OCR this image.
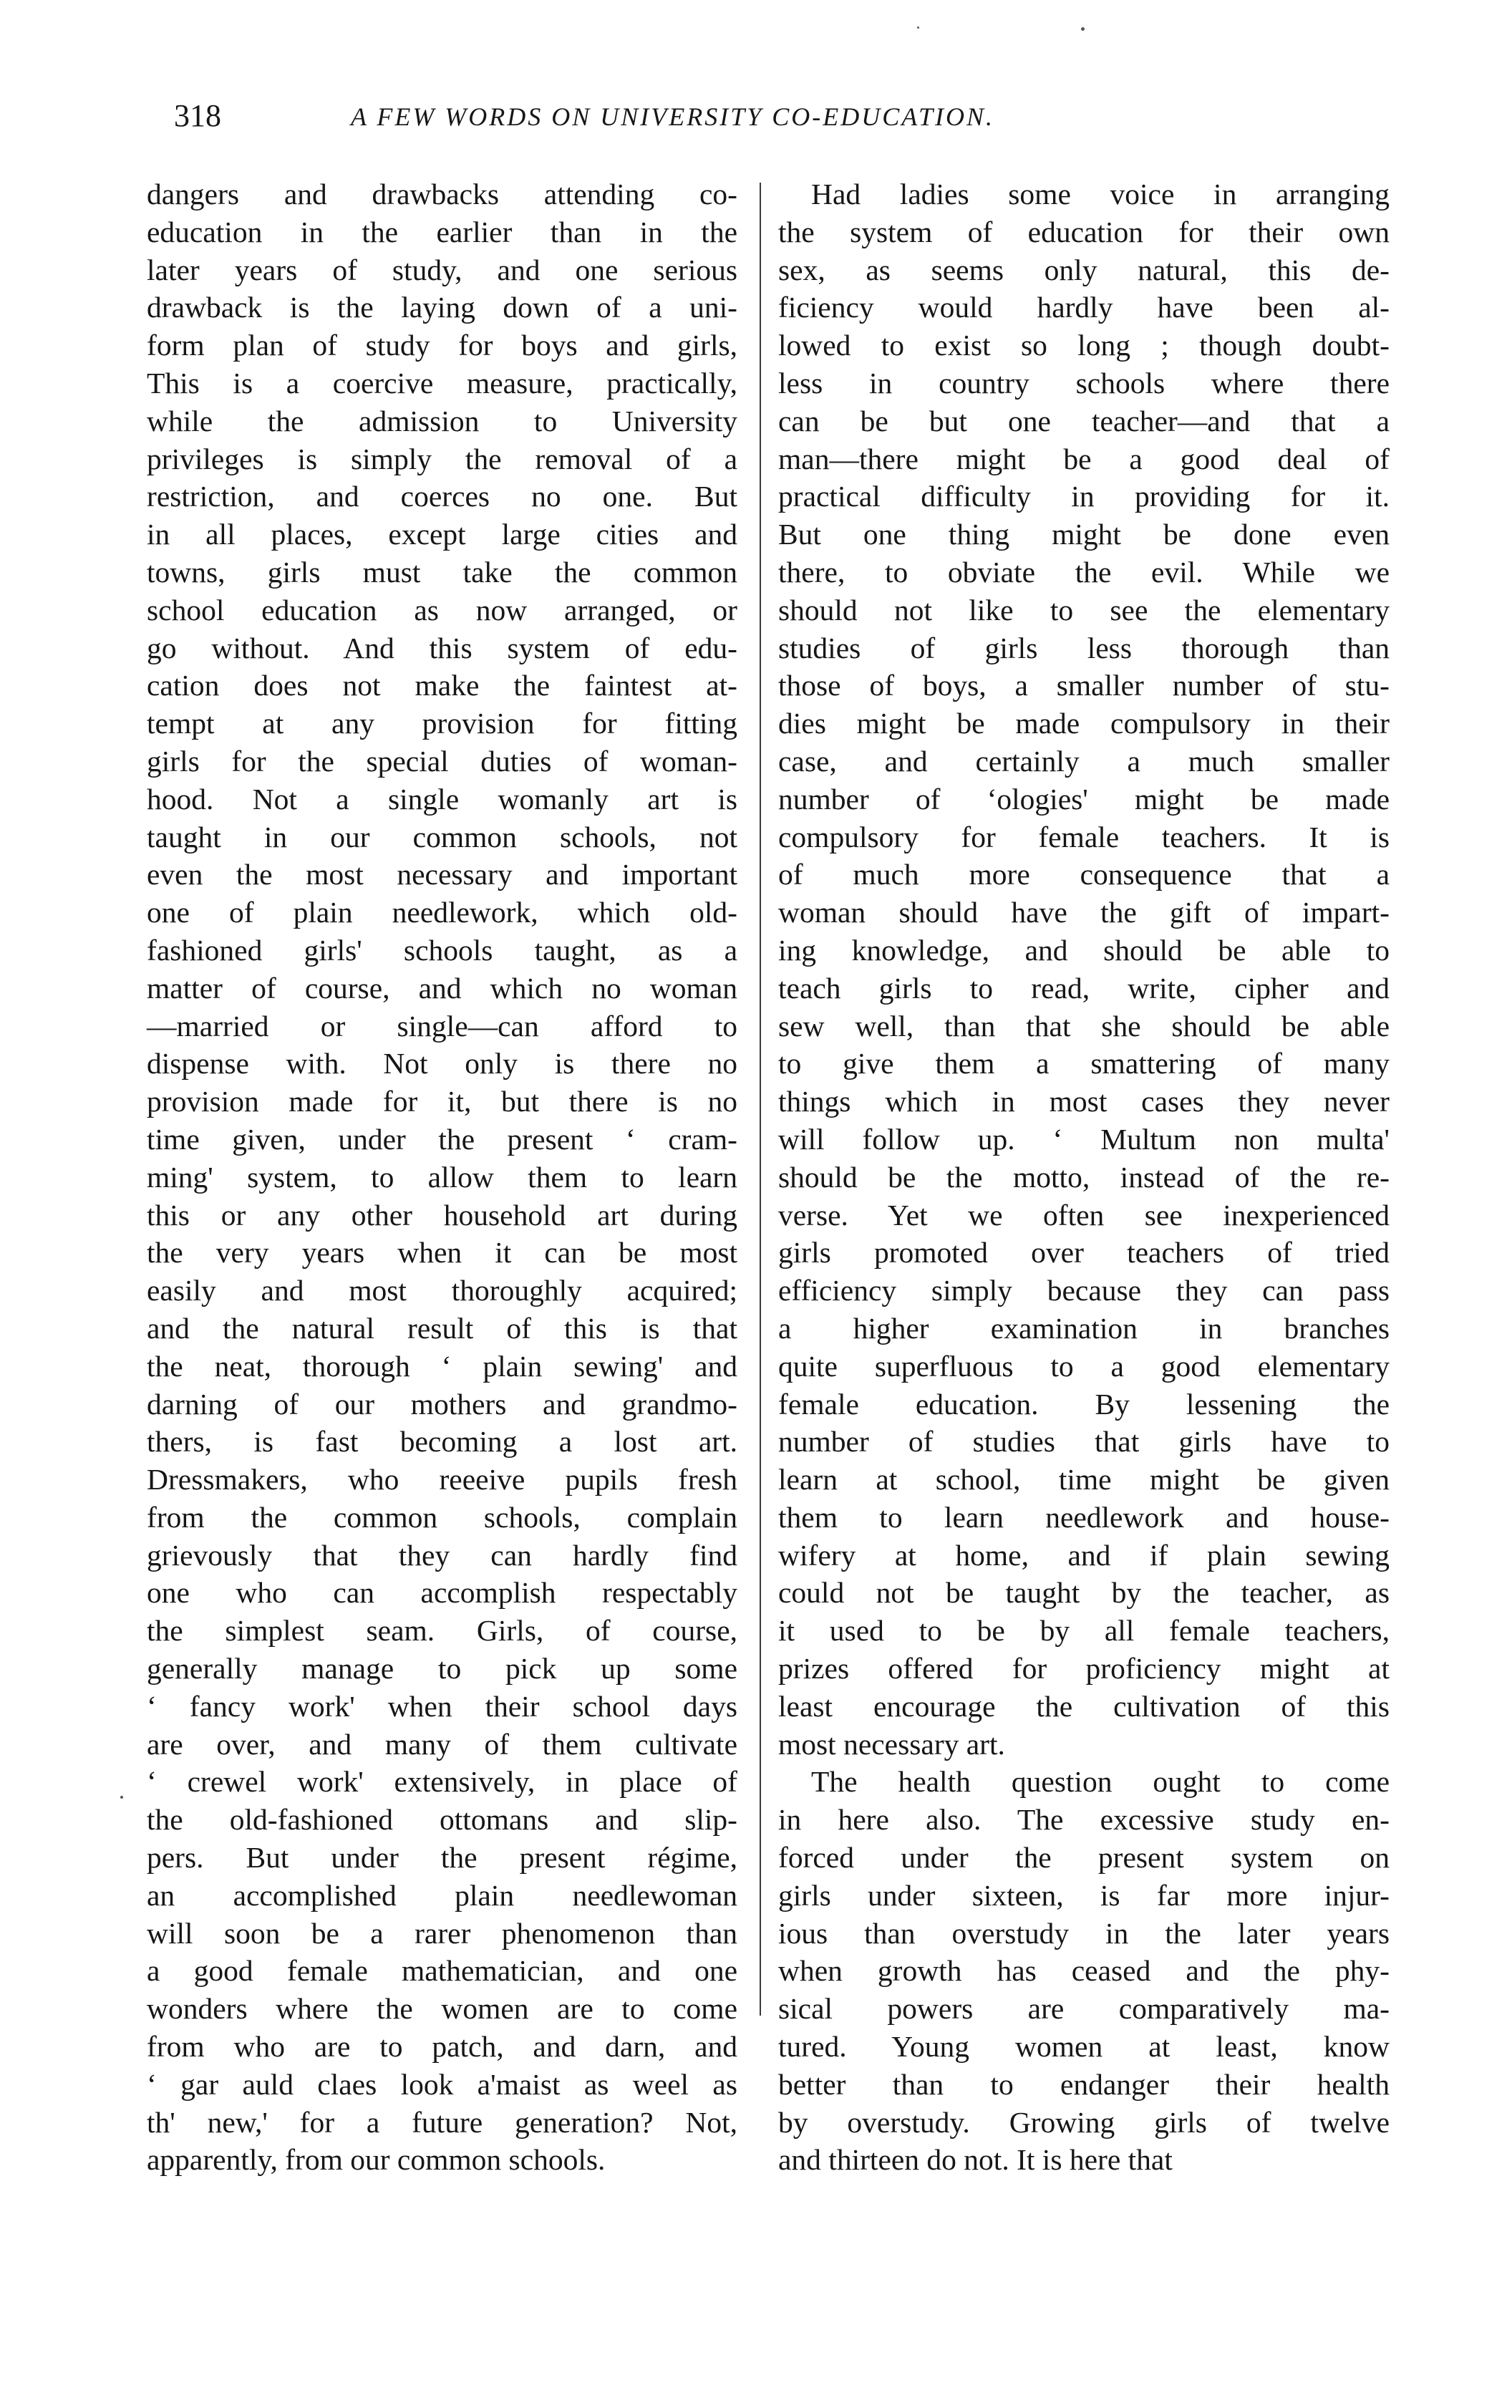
318	A FEW WORDS ON UNIVERSITY CO-EDUCATION.
dangers and drawbacks attending co-
education in the earlier than in the
later years of study, and one serious
drawback is the laying down of a uni-
form plan of study for boys and girls,
This is a coercive measure, practically,
while the admission to University
privileges is simply the removal of a
restriction, and coerces no one. But
in all places, except large cities and
towns, girls must take the common
school education as now arranged, or
go without. And this system of edu-
cation does not make the faintest at-
tempt at any provision for fitting
girls for the special duties of woman-
hood. Not a single womanly art is
taught in our common schools, not
even the most necessary and important
one of plain needlework, which old-
fashioned girls' schools taught, as a
matter of course, and which no woman
—married or single—can afford to
dispense with. Not only is there no
provision made for it, but there is no
time given, under the present ‘ cram-
ming' system, to allow them to learn
this or any other household art during
the very years when it can be most
easily and most thoroughly acquired;
and the natural result of this is that
the neat, thorough ‘ plain sewing' and
darning of our mothers and grandmo-
thers, is fast becoming a lost art.
Dressmakers, who reeeive pupils fresh
from the common schools, complain
grievously that they can hardly find
one who can accomplish respectably
the simplest seam. Girls, of course,
generally manage to pick up some
‘ fancy work' when their school days
are over, and many of them cultivate
‘ crewel work' extensively, in place of
the old-fashioned ottomans and slip-
pers. But under the present régime,
an accomplished plain needlewoman
will soon be a rarer phenomenon than
a good female mathematician, and one
wonders where the women are to come
from who are to patch, and darn, and
‘ gar auld claes look a'maist as weel as
th' new,' for a future generation? Not,
apparently, from our common schools.
Had ladies some voice in arranging
the system of education for their own
sex, as seems only natural, this de-
ficiency would hardly have been al-
lowed to exist so long ; though doubt-
less in country schools where there
can be but one teacher—and that a
man—there might be a good deal of
practical difficulty in providing for it.
But one thing might be done even
there, to obviate the evil. While we
should not like to see the elementary
studies of girls less thorough than
those of boys, a smaller number of stu-
dies might be made compulsory in their
case, and certainly a much smaller
number of ‘ologies' might be made
compulsory for female teachers. It is
of much more consequence that a
woman should have the gift of impart-
ing knowledge, and should be able to
teach girls to read, write, cipher and
sew well, than that she should be able
to give them a smattering of many
things which in most cases they never
will follow up. ‘ Multum non multa'
should be the motto, instead of the re-
verse. Yet we often see inexperienced
girls promoted over teachers of tried
efficiency simply because they can pass
a higher examination in branches
quite superfluous to a good elementary
female education. By lessening the
number of studies that girls have to
learn at school, time might be given
them to learn needlework and house-
wifery at home, and if plain sewing
could not be taught by the teacher, as
it used to be by all female teachers,
prizes offered for proficiency might at
least encourage the cultivation of this
most necessary art.
The health question ought to come
in here also. The excessive study en-
forced under the present system on
girls under sixteen, is far more injur-
ious than overstudy in the later years
when growth has ceased and the phy-
sical powers are comparatively ma-
tured. Young women at least, know
better than to endanger their health
by overstudy. Growing girls of twelve
and thirteen do not. It is here that
